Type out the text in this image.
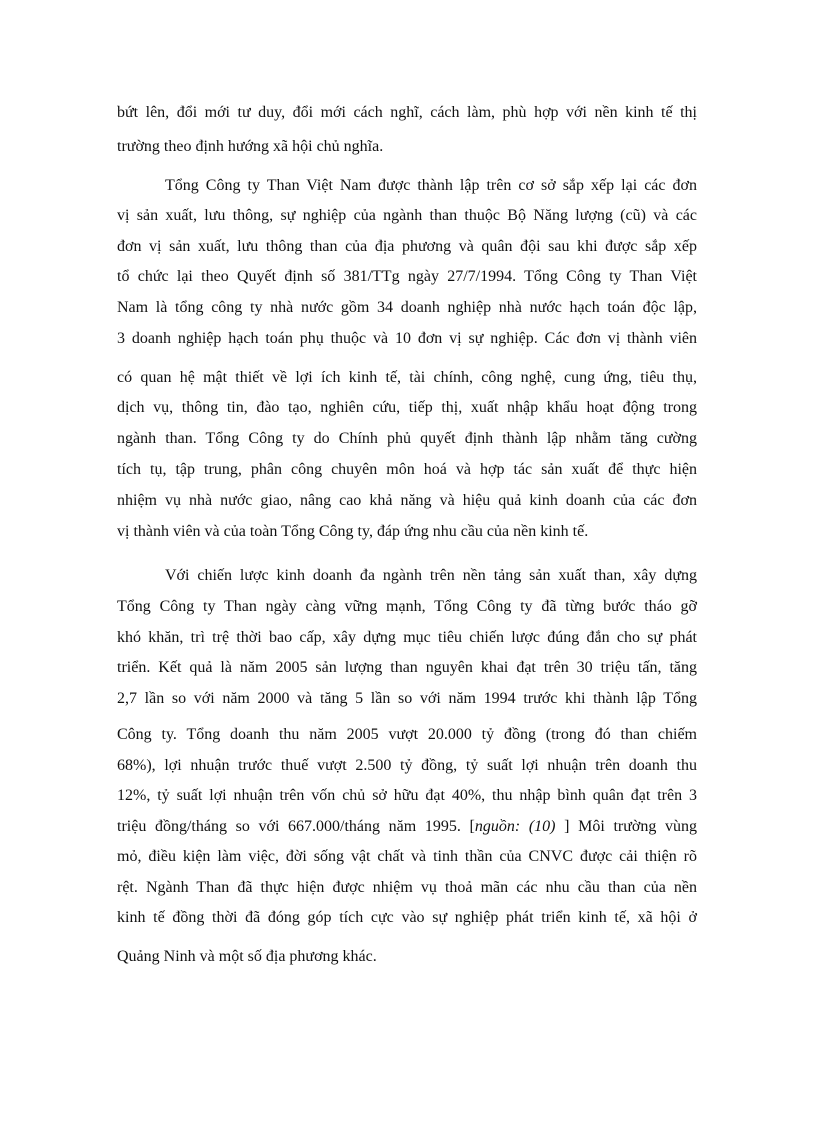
bứt lên, đổi mới tư duy, đổi mới cách nghĩ, cách làm, phù hợp với nền kinh tế thị
trường theo định hướng xã hội chủ nghĩa.
Tổng Công ty Than Việt Nam được thành lập trên cơ sở sắp xếp lại các đơn
vị sản xuất, lưu thông, sự nghiệp của ngành than thuộc Bộ Năng lượng (cũ) và các
đơn vị sản xuất, lưu thông than của địa phương và quân đội sau khi được sắp xếp
tổ chức lại theo Quyết định số 381/TTg ngày 27/7/1994. Tổng Công ty Than Việt
Nam là tổng công ty nhà nước gồm 34 doanh nghiệp nhà nước hạch toán độc lập,
3 doanh nghiệp hạch toán phụ thuộc và 10 đơn vị sự nghiệp. Các đơn vị thành viên
có quan hệ mật thiết về lợi ích kinh tế, tài chính, công nghệ, cung ứng, tiêu thụ,
dịch vụ, thông tin, đào tạo, nghiên cứu, tiếp thị, xuất nhập khẩu hoạt động trong
ngành than. Tổng Công ty do Chính phủ quyết định thành lập nhằm tăng cường
tích tụ, tập trung, phân công chuyên môn hoá và hợp tác sản xuất để thực hiện
nhiệm vụ nhà nước giao, nâng cao khả năng và hiệu quả kinh doanh của các đơn
vị thành viên và của toàn Tổng Công ty, đáp ứng nhu cầu của nền kinh tế.
Với chiến lược kinh doanh đa ngành trên nền tảng sản xuất than, xây dựng
Tổng Công ty Than ngày càng vững mạnh, Tổng Công ty đã từng bước tháo gỡ
khó khăn, trì trệ thời bao cấp, xây dựng mục tiêu chiến lược đúng đắn cho sự phát
triển. Kết quả là năm 2005 sản lượng than nguyên khai đạt trên 30 triệu tấn, tăng
2,7 lần so với năm 2000 và tăng 5 lần so với năm 1994 trước khi thành lập Tổng
Công ty. Tổng doanh thu năm 2005 vượt 20.000 tỷ đồng (trong đó than chiếm
68%), lợi nhuận trước thuế vượt 2.500 tỷ đồng, tỷ suất lợi nhuận trên doanh thu
12%, tỷ suất lợi nhuận trên vốn chủ sở hữu đạt 40%, thu nhập bình quân đạt trên 3
triệu đồng/tháng so với 667.000/tháng năm 1995. [nguồn: (10) ] Môi trường vùng
mỏ, điều kiện làm việc, đời sống vật chất và tinh thần của CNVC được cải thiện rõ
rệt. Ngành Than đã thực hiện được nhiệm vụ thoả mãn các nhu cầu than của nền
kinh tế đồng thời đã đóng góp tích cực vào sự nghiệp phát triển kinh tế, xã hội ở
Quảng Ninh và một số địa phương khác.
